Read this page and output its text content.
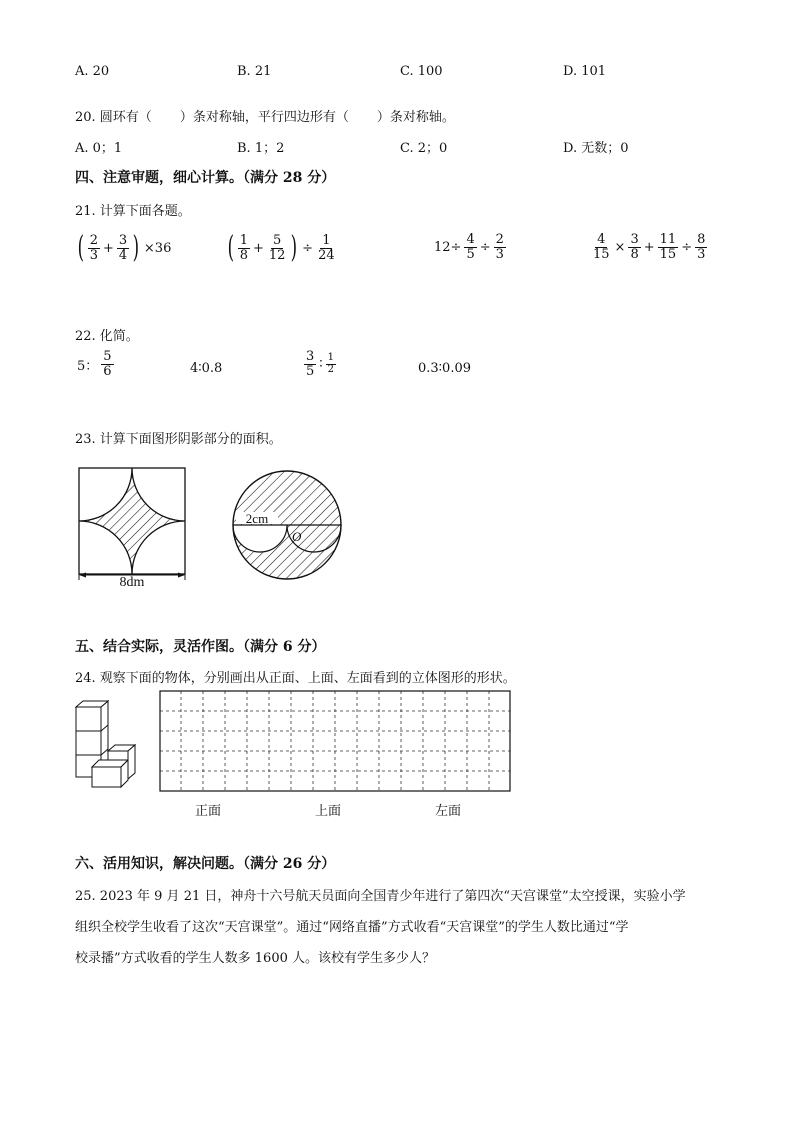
A. 20	B. 21	C. 100	D. 101
20. 圆环有（ ）条对称轴，平行四边形有（ ）条对称轴。
A. 0；1	B. 1；2	C. 2；0	D. 无数；0
四、注意审题，细心计算。（满分 28 分）
21. 计算下面各题。
( $\frac{2}{3} + \frac{3}{4}$ ) ×36 ( $\frac{1}{8} + \frac{5}{12}$ ) ÷ $\frac{1}{24}$	$12\div \frac{4}{5} \div \frac{2}{3}$	$\frac{4}{15} \times \frac{3}{8} + \frac{11}{15} \div \frac{8}{3}$
22. 化简。
5： $\frac{5}{6}$	4∶0.8	$\frac{3}{5}$ ∶ $\frac{1}{2}$	0.3∶0.09
23. 计算下面图形阴影部分的面积。
8dm
2cm
O
五、结合实际，灵活作图。（满分 6 分）
24. 观察下面的物体，分别画出从正面、上面、左面看到的立体图形的形状。
正面	上面	左面
六、活用知识，解决问题。（满分 26 分）
25. 2023 年 9 月 21 日，神舟十六号航天员面向全国青少年进行了第四次“天宫课堂”太空授课，实验小学
组织全校学生收看了这次“天宫课堂”。通过“网络直播”方式收看“天宫课堂”的学生人数比通过“学
校录播”方式收看的学生人数多 1600 人。该校有学生多少人？
